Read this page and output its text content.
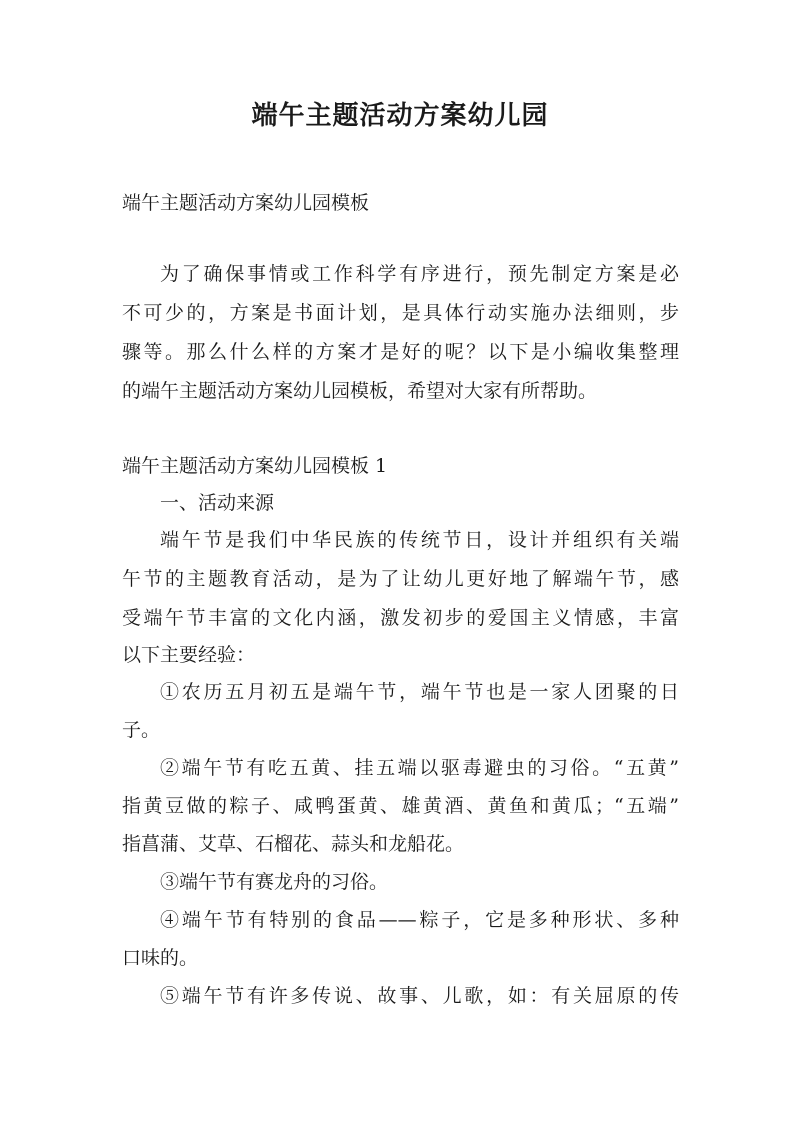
端午主题活动方案幼儿园

端午主题活动方案幼儿园模板

为了确保事情或工作科学有序进行，预先制定方案是必

不可少的，方案是书面计划，是具体行动实施办法细则，步

骤等。那么什么样的方案才是好的呢？以下是小编收集整理

的端午主题活动方案幼儿园模板，希望对大家有所帮助。

端午主题活动方案幼儿园模板 1

一、活动来源

端午节是我们中华民族的传统节日，设计并组织有关端

午节的主题教育活动，是为了让幼儿更好地了解端午节，感

受端午节丰富的文化内涵，激发初步的爱国主义情感，丰富

以下主要经验：

①农历五月初五是端午节，端午节也是一家人团聚的日

子。

②端午节有吃五黄、挂五端以驱毒避虫的习俗。“五黄”

指黄豆做的粽子、咸鸭蛋黄、雄黄酒、黄鱼和黄瓜；“五端”

指菖蒲、艾草、石榴花、蒜头和龙船花。

③端午节有赛龙舟的习俗。

④端午节有特别的食品——粽子，它是多种形状、多种

口味的。

⑤端午节有许多传说、故事、儿歌，如：有关屈原的传
